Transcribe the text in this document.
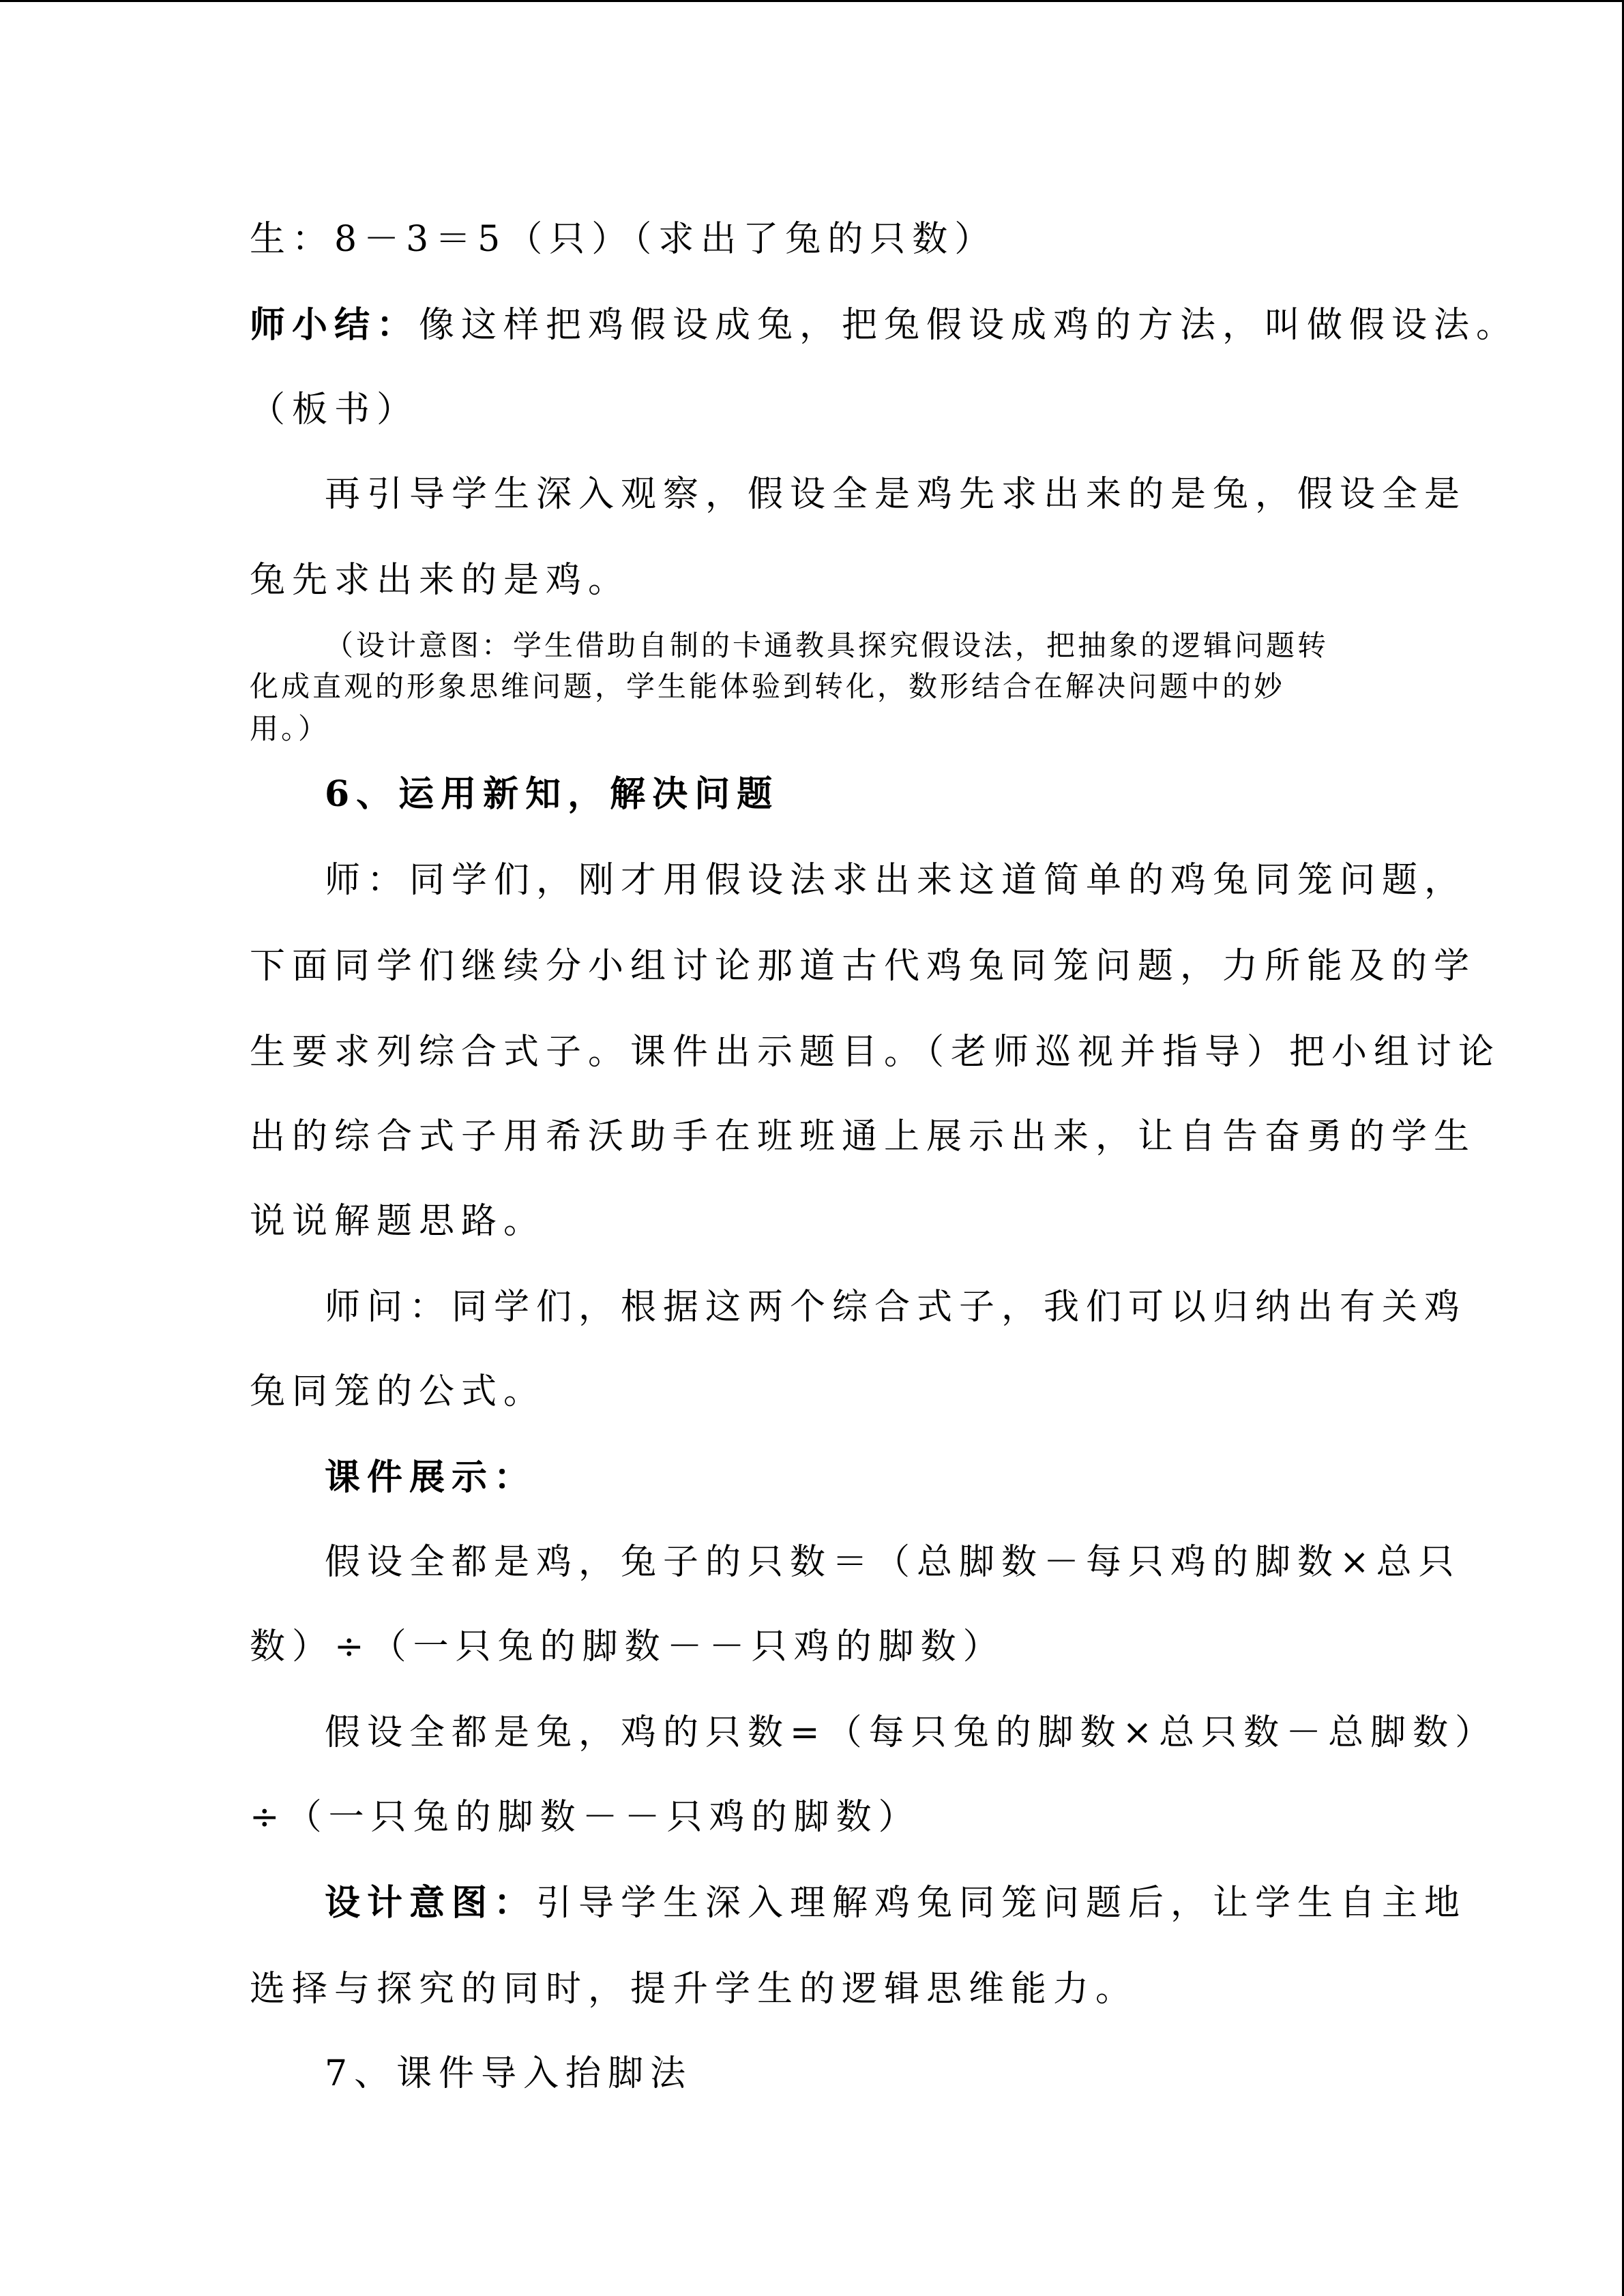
生：8－3＝5（只）（求出了兔的只数）
师小结：像这样把鸡假设成兔，把兔假设成鸡的方法，叫做假设法。
（板书）
再引导学生深入观察，假设全是鸡先求出来的是兔，假设全是
兔先求出来的是鸡。
（设计意图：学生借助自制的卡通教具探究假设法，把抽象的逻辑问题转
化成直观的形象思维问题，学生能体验到转化，数形结合在解决问题中的妙
用。）
6、运用新知，解决问题
师：同学们，刚才用假设法求出来这道简单的鸡兔同笼问题，
下面同学们继续分小组讨论那道古代鸡兔同笼问题，力所能及的学
生要求列综合式子。课件出示题目。（老师巡视并指导）把小组讨论
出的综合式子用希沃助手在班班通上展示出来，让自告奋勇的学生
说说解题思路。
师问：同学们，根据这两个综合式子，我们可以归纳出有关鸡
兔同笼的公式。
课件展示：
假设全都是鸡，兔子的只数＝（总脚数－每只鸡的脚数×总只
数）÷（一只兔的脚数－－只鸡的脚数）
假设全都是兔，鸡的只数=（每只兔的脚数×总只数－总脚数）
÷（一只兔的脚数－－只鸡的脚数）
设计意图：引导学生深入理解鸡兔同笼问题后，让学生自主地
选择与探究的同时，提升学生的逻辑思维能力。
7、课件导入抬脚法
